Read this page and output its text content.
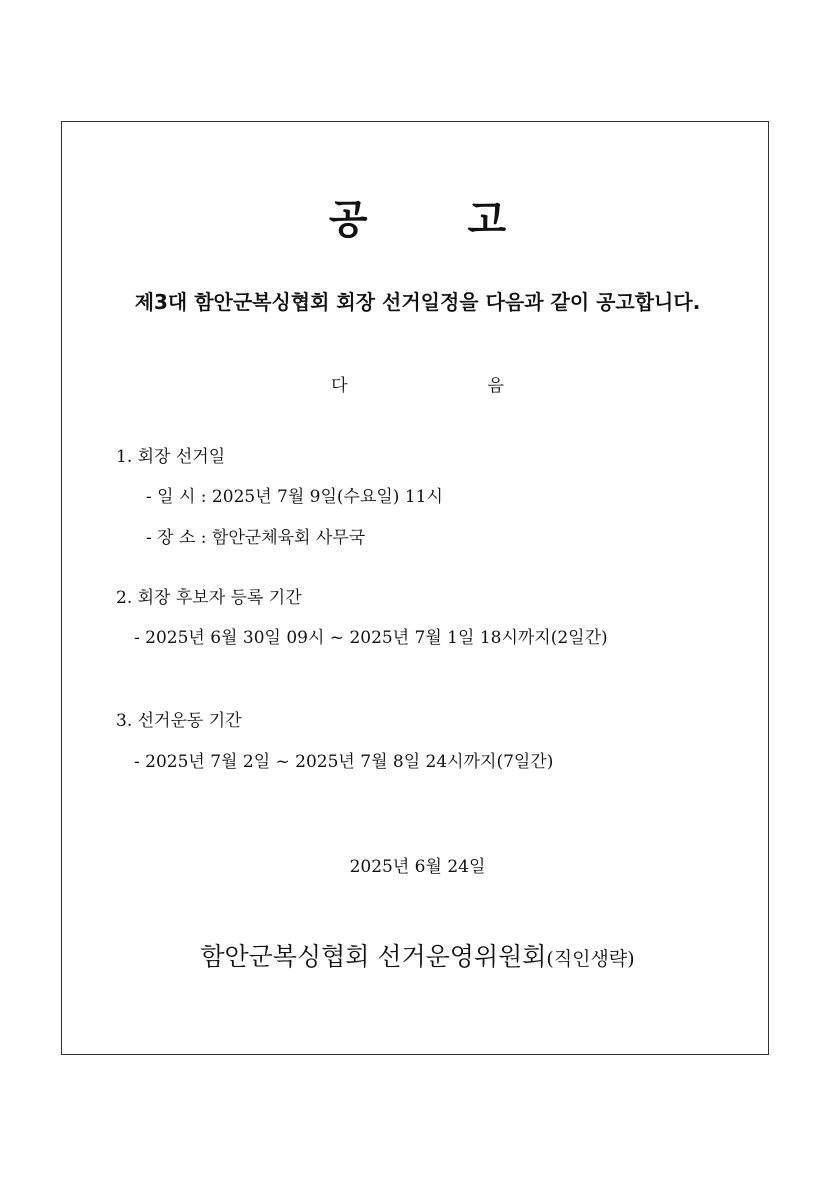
공	고
제3대 함안군복싱협회 회장 선거일정을 다음과 같이 공고합니다.
다	음
1. 회장 선거일
- 일 시 : 2025년 7월 9일(수요일) 11시
- 장 소 : 함안군체육회 사무국
2. 회장 후보자 등록 기간
- 2025년 6월 30일 09시 ~ 2025년 7월 1일 18시까지(2일간)
3. 선거운동 기간
- 2025년 7월 2일 ~ 2025년 7월 8일 24시까지(7일간)
2025년 6월 24일
함안군복싱협회 선거운영위원회(직인생략)
